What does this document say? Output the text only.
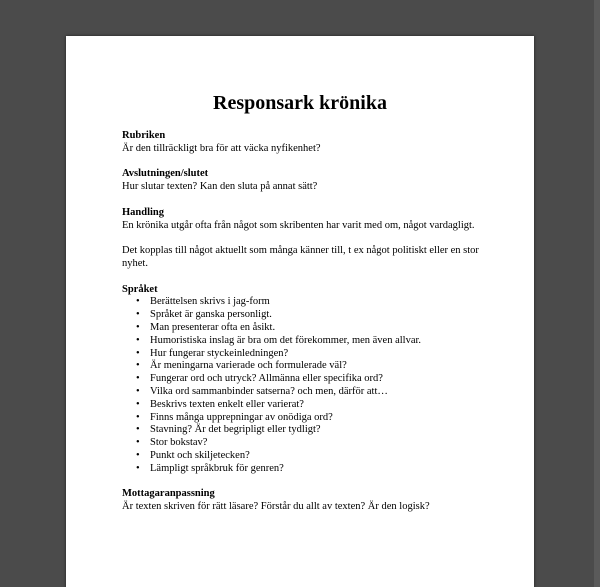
Responsark krönika
Rubriken
Är den tillräckligt bra för att väcka nyfikenhet?
Avslutningen/slutet
Hur slutar texten? Kan den sluta på annat sätt?
Handling
En krönika utgår ofta från något som skribenten har varit med om, något vardagligt.
Det kopplas till något aktuellt som många känner till, t ex något politiskt eller en stor nyhet.
Språket
• Berättelsen skrivs i jag-form
• Språket är ganska personligt.
• Man presenterar ofta en åsikt.
• Humoristiska inslag är bra om det förekommer, men även allvar.
• Hur fungerar styckeinledningen?
• Är meningarna varierade och formulerade väl?
• Fungerar ord och utryck? Allmänna eller specifika ord?
• Vilka ord sammanbinder satserna? och men, därför att…
• Beskrivs texten enkelt eller varierat?
• Finns många upprepningar av onödiga ord?
• Stavning? Är det begripligt eller tydligt?
• Stor bokstav?
• Punkt och skiljetecken?
• Lämpligt språkbruk för genren?
Mottagaranpassning
Är texten skriven för rätt läsare? Förstår du allt av texten? Är den logisk?
